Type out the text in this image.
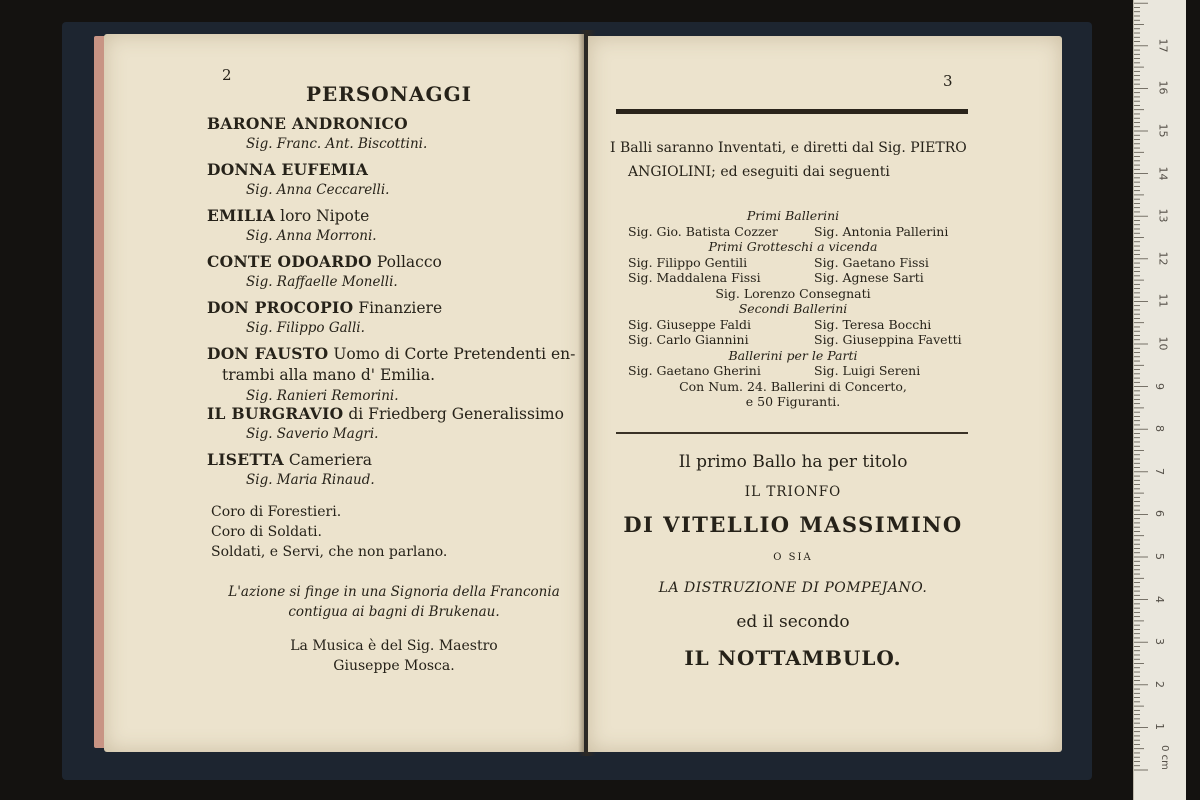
2
PERSONAGGI
BARONE ANDRONICO
Sig. Franc. Ant. Biscottini.
DONNA EUFEMIA
Sig. Anna Ceccarelli.
EMILIA loro Nipote
Sig. Anna Morroni.
CONTE ODOARDO Pollacco
Sig. Raffaelle Monelli.
DON PROCOPIO Finanziere
Sig. Filippo Galli.
DON FAUSTO Uomo di Corte Pretendenti en-
trambi alla mano d' Emilia.
Sig. Ranieri Remorini.
IL BURGRAVIO di Friedberg Generalissimo
Sig. Saverio Magri.
LISETTA Cameriera
Sig. Maria Rinaud.
Coro di Forestieri.
Coro di Soldati.
Soldati, e Servi, che non parlano.
L'azione si finge in una Signoria della Franconia
contigua ai bagni di Brukenau.
La Musica è del Sig. Maestro
Giuseppe Mosca.
3
I Balli saranno Inventati, e diretti dal Sig. PIETRO
ANGIOLINI; ed eseguiti dai seguenti
Primi Ballerini
Sig. Gio. Batista Cozzer	Sig. Antonia Pallerini
Primi Grotteschi a vicenda
Sig. Filippo Gentili	Sig. Gaetano Fissi
Sig. Maddalena Fissi	Sig. Agnese Sarti
Sig. Lorenzo Consegnati
Secondi Ballerini
Sig. Giuseppe Faldi	Sig. Teresa Bocchi
Sig. Carlo Giannini	Sig. Giuseppina Favetti
Ballerini per le Parti
Sig. Gaetano Gherini	Sig. Luigi Sereni
Con Num. 24. Ballerini di Concerto,
e 50 Figuranti.
Il primo Ballo ha per titolo
IL TRIONFO
DI VITELLIO MASSIMINO
O SIA
LA DISTRUZIONE DI POMPEJANO.
ed il secondo
IL NOTTAMBULO.
1
2
3
4
5
6
7
8
9
10
11
12
13
14
15
16
17
0 cm
